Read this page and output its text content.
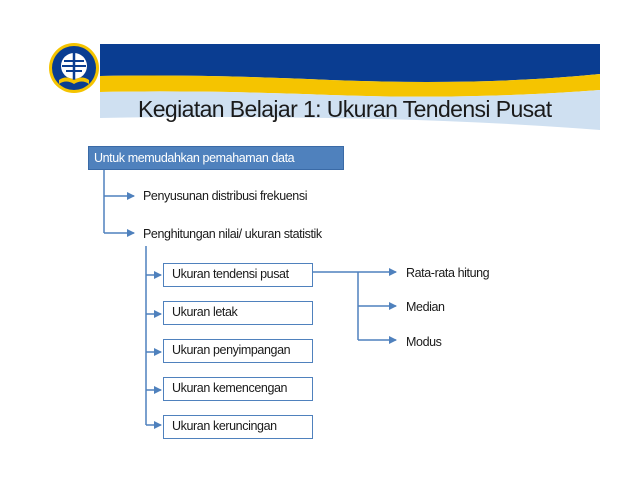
Kegiatan Belajar 1: Ukuran Tendensi Pusat
Untuk memudahkan pemahaman data
Penyusunan distribusi frekuensi
Penghitungan nilai/ ukuran statistik
Ukuran tendensi pusat
Ukuran letak
Ukuran penyimpangan
Ukuran kemencengan
Ukuran keruncingan
Rata-rata hitung
Median
Modus
